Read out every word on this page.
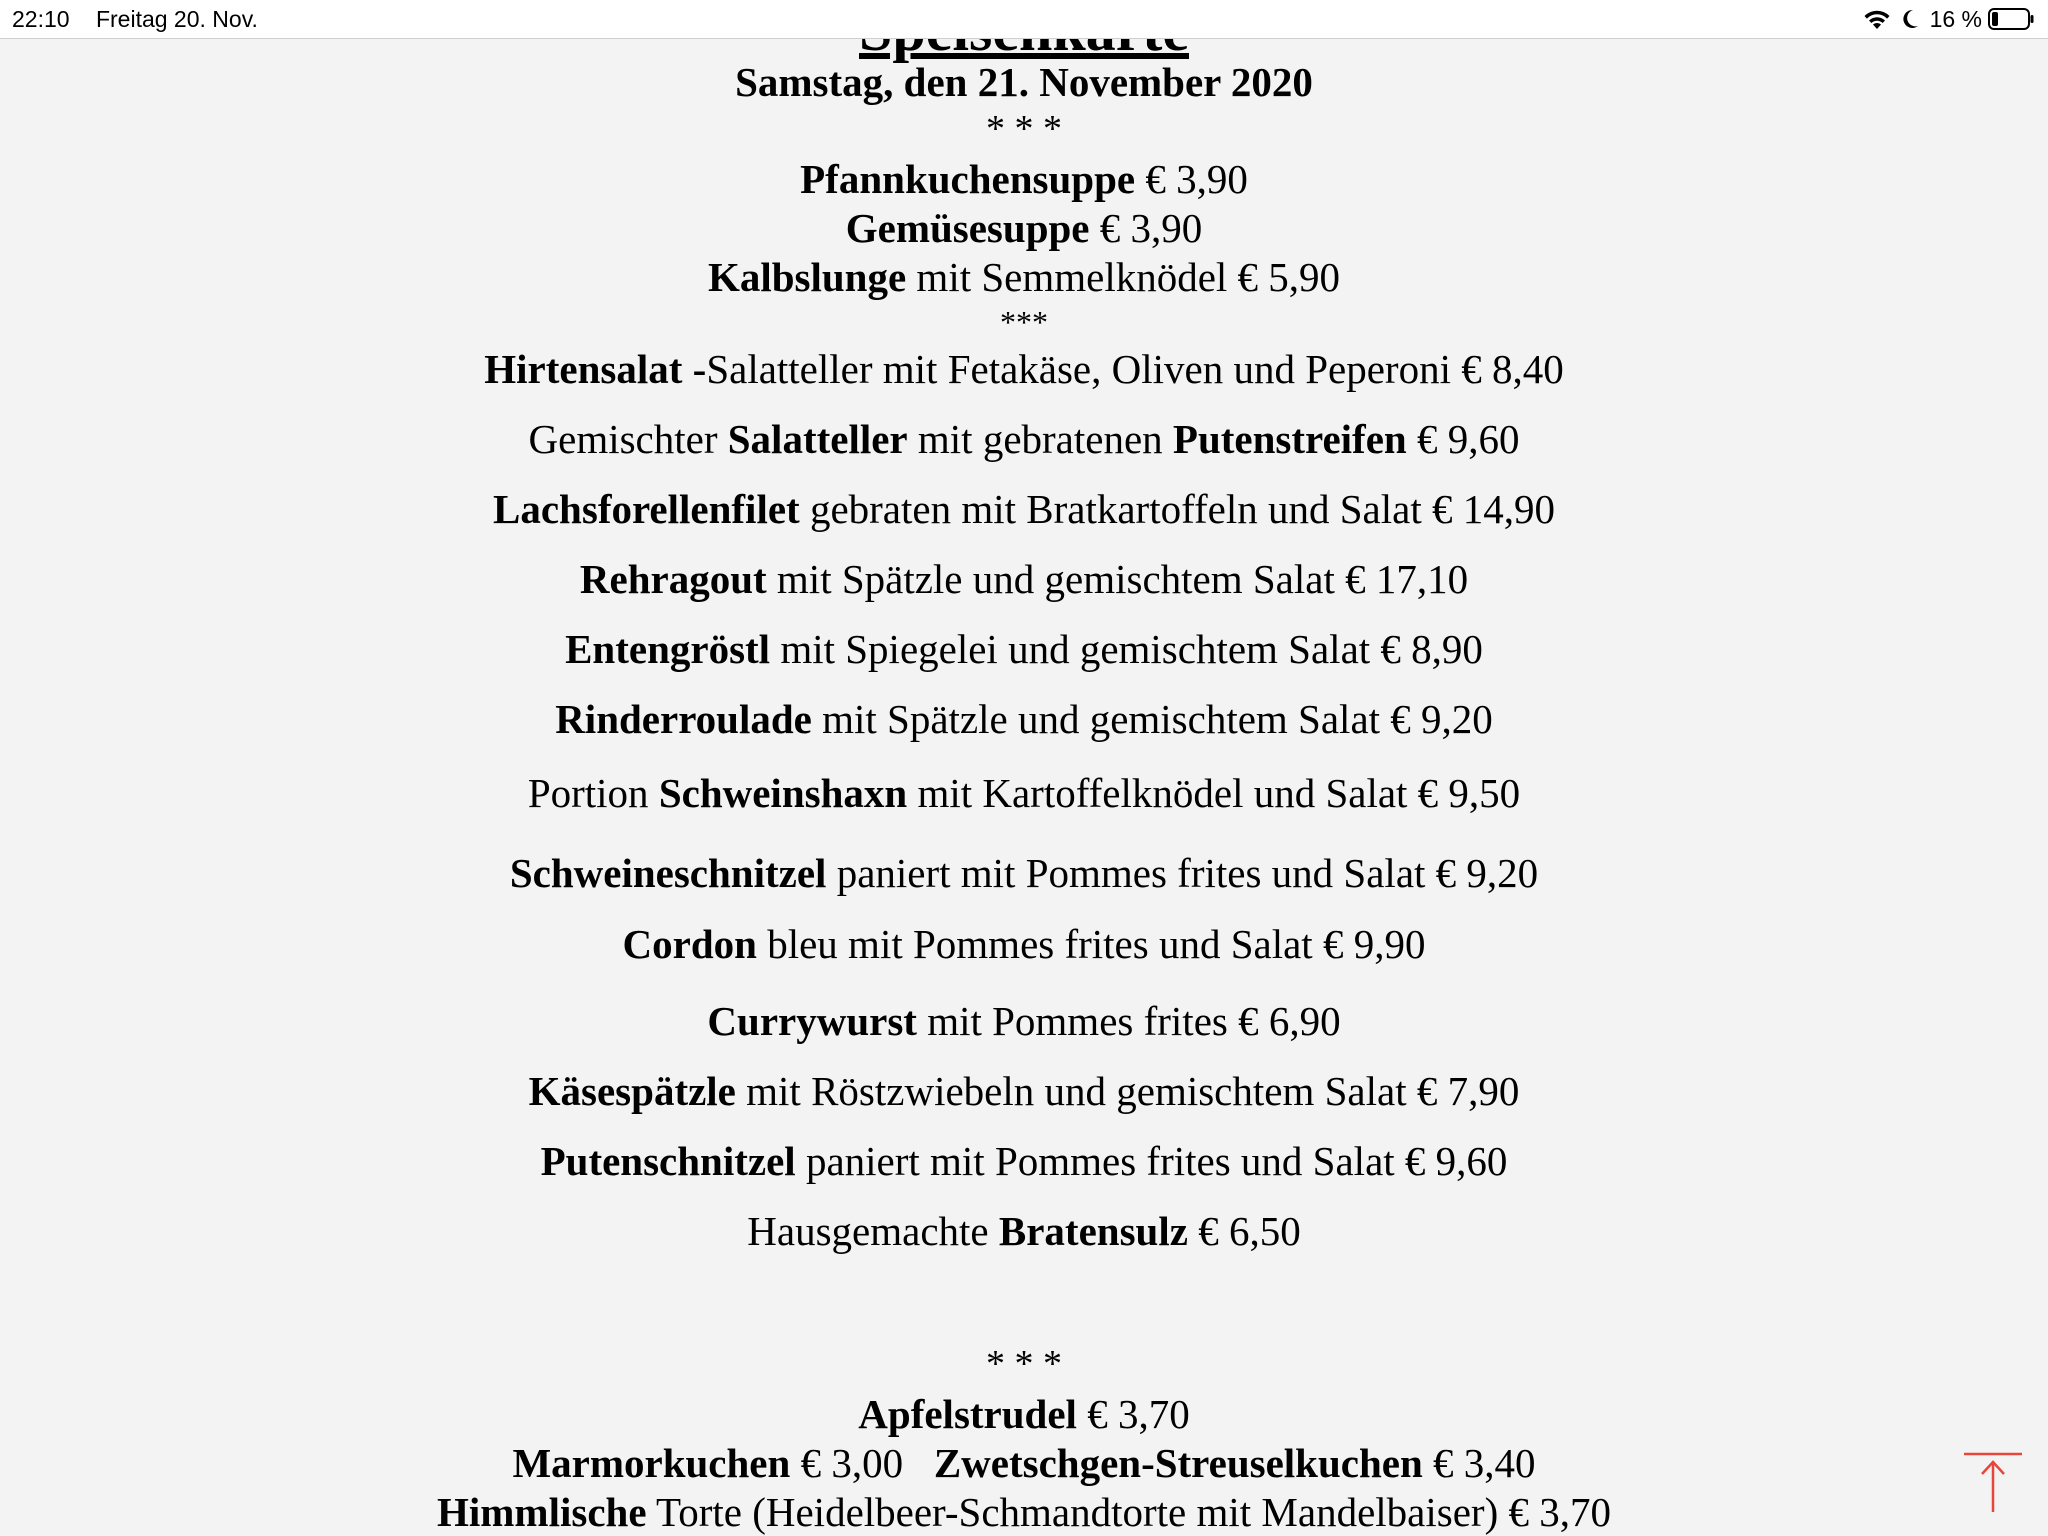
Samstag, den 21. November 2020
* * *
Pfannkuchensuppe € 3,90
Gemüsesuppe € 3,90
Kalbslunge mit Semmelknödel € 5,90
***
Hirtensalat -Salatteller mit Fetakäse, Oliven und Peperoni € 8,40
Gemischter Salatteller mit gebratenen Putenstreifen € 9,60
Lachsforellenfilet gebraten mit Bratkartoffeln und Salat € 14,90
Rehragout mit Spätzle und gemischtem Salat € 17,10
Entengröstl mit Spiegelei und gemischtem Salat € 8,90
Rinderroulade mit Spätzle und gemischtem Salat € 9,20
Portion Schweinshaxn mit Kartoffelknödel und Salat € 9,50
Schweineschnitzel paniert mit Pommes frites und Salat € 9,20
Cordon bleu mit Pommes frites und Salat € 9,90
Currywurst mit Pommes frites € 6,90
Käsespätzle mit Röstzwiebeln und gemischtem Salat € 7,90
Putenschnitzel paniert mit Pommes frites und Salat € 9,60
Hausgemachte Bratensulz € 6,50
* * *
Apfelstrudel € 3,70
Marmorkuchen € 3,00   Zwetschgen-Streuselkuchen € 3,40
Himmlische Torte (Heidelbeer-Schmandtorte mit Mandelbaiser) € 3,70
22:10 Freitag 20. Nov.	16 %
